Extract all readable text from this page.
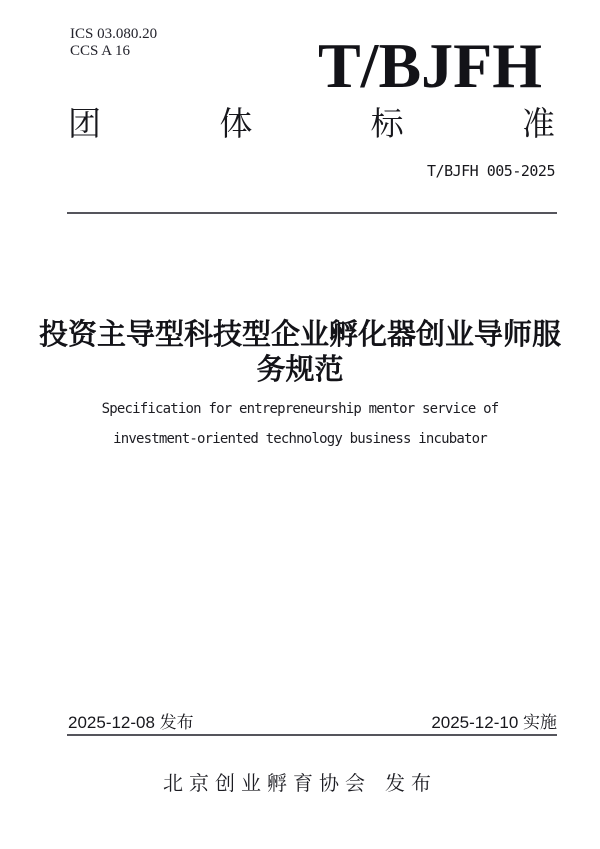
ICS 03.080.20
CCS A 16	T/BJFH
团	体	标	准
T/BJFH 005-2025
投资主导型科技型企业孵化器创业导师服
务规范
Specification for entrepreneurship mentor service of
investment-oriented technology business incubator
2025-12-08 发布	2025-12-10 实施
北京创业孵育协会 发布
